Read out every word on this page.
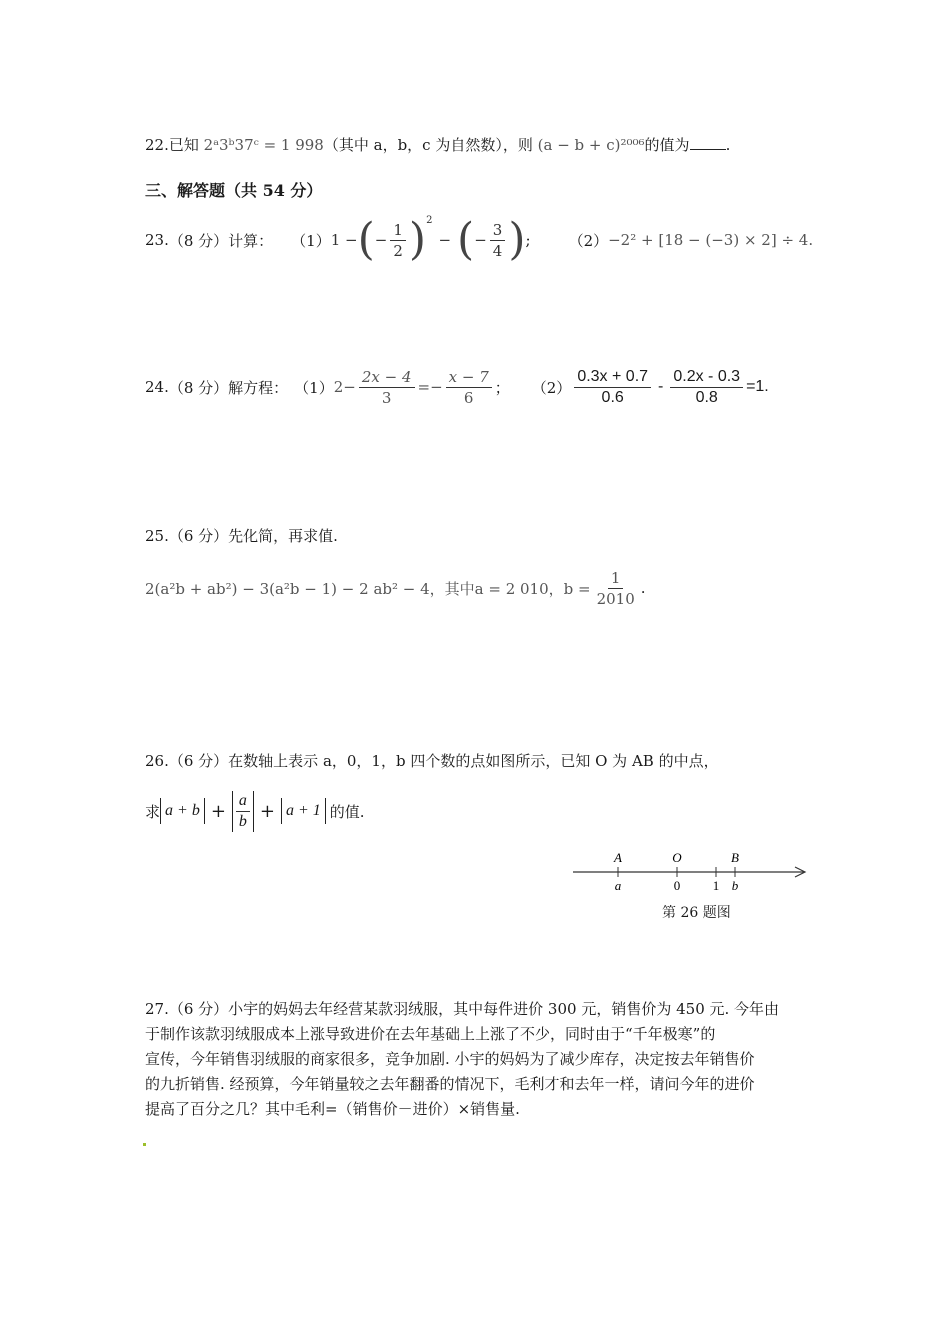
22.已知 2ᵃ3ᵇ37ᶜ = 1 998（其中 a，b，c 为自然数），则 (a − b + c)²⁰⁰⁶的值为 .
三、解答题（共 54 分）
23. （8 分）计算： （1） 1 − ( − $\frac{1}{2}$ ) 2
− ( − $\frac{3}{4}$ ) ;	（2） −2² + [18 − (−3) × 2] ÷ 4.
24. （8 分）解方程： （1） $2- \frac{2x - 4}{3} =- \frac{x - 7}{6}$ ； $(2) \frac{0.3x + 0.7}{0.6} - \frac{0.2x - 0.3}{0.8} =1$.
25.（6 分）先化简，再求值.
2(a²b + ab²) − 3(a²b − 1) − 2 ab² − 4，其中a = 2 010，$b = \frac{1}{2010}$ .
26.（6 分）在数轴上表示 a，0，1，b 四个数的点如图所示，已知 O 为 AB 的中点，
求 $a + b + \frac{a}{b} + a + 1$ 的值.
A	O	B
a	0	1 b
第 26 题图
27.（6 分）小宇的妈妈去年经营某款羽绒服，其中每件进价 300 元，销售价为 450 元. 今年由
于制作该款羽绒服成本上涨导致进价在去年基础上上涨了不少，同时由于“千年极寒”的
宣传，今年销售羽绒服的商家很多，竞争加剧. 小宇的妈妈为了减少库存，决定按去年销售价
的九折销售. 经预算，今年销量较之去年翻番的情况下，毛利才和去年一样，请问今年的进价
提高了百分之几？其中毛利=（销售价－进价）×销售量.
